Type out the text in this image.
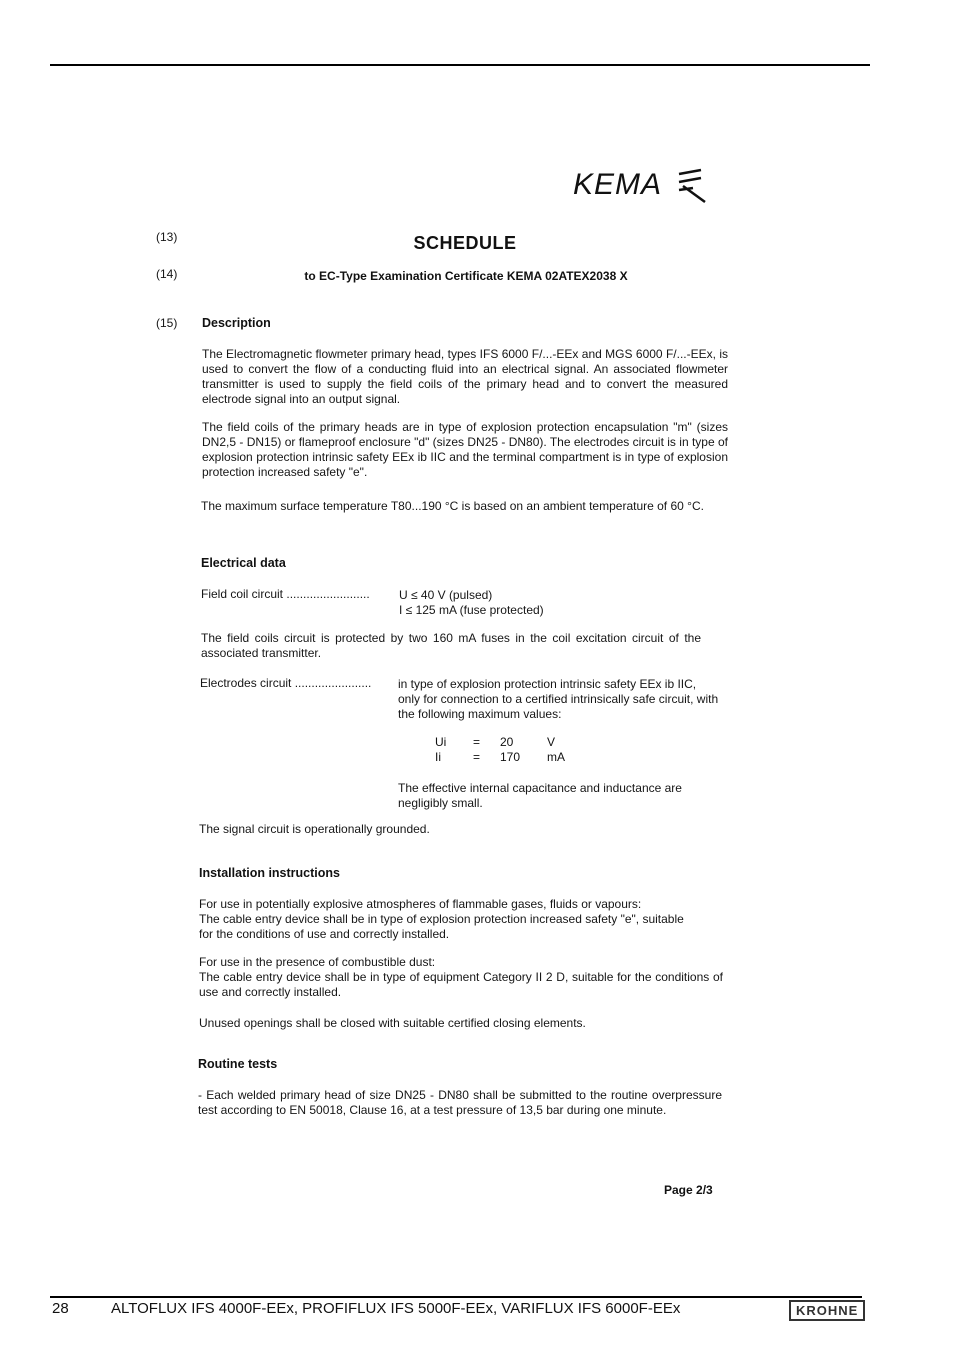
KEMA
(13)
(14)
(15)
SCHEDULE
to EC-Type Examination Certificate KEMA 02ATEX2038 X
Description
The Electromagnetic flowmeter primary head, types IFS 6000 F/...-EEx and MGS 6000 F/...-EEx, is used to convert the flow of a conducting fluid into an electrical signal. An associated flowmeter transmitter is used to supply the field coils of the primary head and to convert the measured electrode signal into an output signal.
The field coils of the primary heads are in type of explosion protection encapsulation "m" (sizes DN2,5 - DN15) or flameproof enclosure "d" (sizes DN25 - DN80). The electrodes circuit is in type of explosion protection intrinsic safety EEx ib IIC and the terminal compartment is in type of explosion protection increased safety "e".
The maximum surface temperature T80...190 °C is based on an ambient temperature of 60 °C.
Electrical data
Field coil circuit ......................... U ≤ 40 V (pulsed)
I ≤ 125 mA (fuse protected)
The field coils circuit is protected by two 160 mA fuses in the coil excitation circuit of the associated transmitter.
Electrodes circuit ....................... in type of explosion protection intrinsic safety EEx ib IIC, only for connection to a certified intrinsically safe circuit, with the following maximum values:
Ui = 20	V
Ii	= 170 mA
The effective internal capacitance and inductance are negligibly small.
The signal circuit is operationally grounded.
Installation instructions
For use in potentially explosive atmospheres of flammable gases, fluids or vapours:
The cable entry device shall be in type of explosion protection increased safety "e", suitable for the conditions of use and correctly installed.
For use in the presence of combustible dust:
The cable entry device shall be in type of equipment Category II 2 D, suitable for the conditions of use and correctly installed.
Unused openings shall be closed with suitable certified closing elements.
Routine tests
- Each welded primary head of size DN25 - DN80 shall be submitted to the routine overpressure test according to EN 50018, Clause 16, at a test pressure of 13,5 bar during one minute.
Page 2/3
28	ALTOFLUX IFS 4000F-EEx, PROFIFLUX IFS 5000F-EEx, VARIFLUX IFS 6000F-EEx	KROHNE
